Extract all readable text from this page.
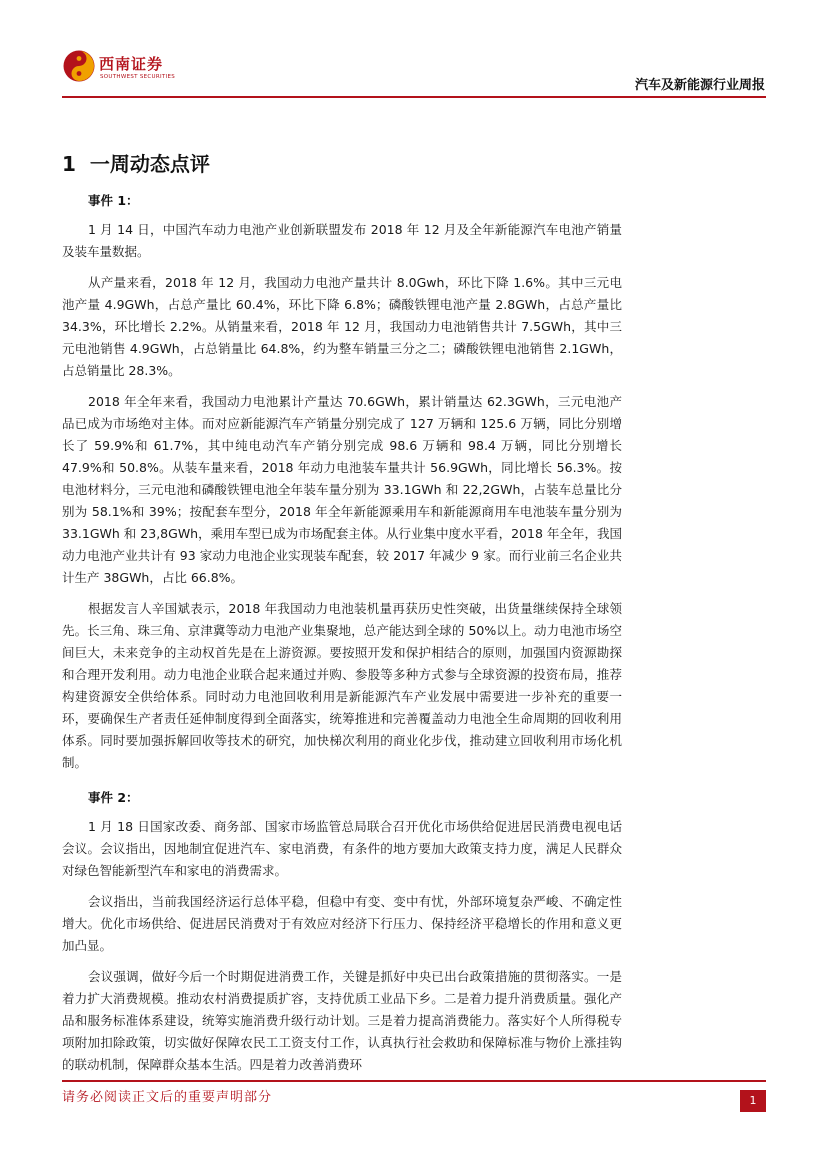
西南证券
SOUTHWEST SECURITIES
汽车及新能源行业周报
1 一周动态点评
事件 1：

1 月 14 日，中国汽车动力电池产业创新联盟发布 2018 年 12 月及全年新能源汽车电池产销量及装车量数据。

从产量来看，2018 年 12 月，我国动力电池产量共计 8.0Gwh，环比下降 1.6%。其中三元电池产量 4.9GWh，占总产量比 60.4%，环比下降 6.8%；磷酸铁锂电池产量 2.8GWh，占总产量比 34.3%，环比增长 2.2%。从销量来看，2018 年 12 月，我国动力电池销售共计 7.5GWh，其中三元电池销售 4.9GWh，占总销量比 64.8%，约为整车销量三分之二；磷酸铁锂电池销售 2.1GWh，占总销量比 28.3%。

2018 年全年来看，我国动力电池累计产量达 70.6GWh，累计销量达 62.3GWh，三元电池产品已成为市场绝对主体。而对应新能源汽车产销量分别完成了 127 万辆和 125.6 万辆，同比分别增长了 59.9%和 61.7%，其中纯电动汽车产销分别完成 98.6 万辆和 98.4 万辆，同比分别增长 47.9%和 50.8%。从装车量来看，2018 年动力电池装车量共计 56.9GWh，同比增长 56.3%。按电池材料分，三元电池和磷酸铁锂电池全年装车量分别为 33.1GWh 和 22,2GWh，占装车总量比分别为 58.1%和 39%；按配套车型分，2018 年全年新能源乘用车和新能源商用车电池装车量分别为 33.1GWh 和 23,8GWh，乘用车型已成为市场配套主体。从行业集中度水平看，2018 年全年，我国动力电池产业共计有 93 家动力电池企业实现装车配套，较 2017 年减少 9 家。而行业前三名企业共计生产 38GWh，占比 66.8%。

根据发言人辛国斌表示，2018 年我国动力电池装机量再获历史性突破，出货量继续保持全球领先。长三角、珠三角、京津冀等动力电池产业集聚地，总产能达到全球的 50%以上。动力电池市场空间巨大，未来竞争的主动权首先是在上游资源。要按照开发和保护相结合的原则，加强国内资源勘探和合理开发利用。动力电池企业联合起来通过并购、参股等多种方式参与全球资源的投资布局，推荐构建资源安全供给体系。同时动力电池回收利用是新能源汽车产业发展中需要进一步补充的重要一环，要确保生产者责任延伸制度得到全面落实，统筹推进和完善覆盖动力电池全生命周期的回收利用体系。同时要加强拆解回收等技术的研究，加快梯次利用的商业化步伐，推动建立回收利用市场化机制。

事件 2：

1 月 18 日国家改委、商务部、国家市场监管总局联合召开优化市场供给促进居民消费电视电话会议。会议指出，因地制宜促进汽车、家电消费，有条件的地方要加大政策支持力度，满足人民群众对绿色智能新型汽车和家电的消费需求。

会议指出，当前我国经济运行总体平稳，但稳中有变、变中有忧，外部环境复杂严峻、不确定性增大。优化市场供给、促进居民消费对于有效应对经济下行压力、保持经济平稳增长的作用和意义更加凸显。

会议强调，做好今后一个时期促进消费工作，关键是抓好中央已出台政策措施的贯彻落实。一是着力扩大消费规模。推动农村消费提质扩容，支持优质工业品下乡。二是着力提升消费质量。强化产品和服务标准体系建设，统筹实施消费升级行动计划。三是着力提高消费能力。落实好个人所得税专项附加扣除政策，切实做好保障农民工工资支付工作，认真执行社会救助和保障标准与物价上涨挂钩的联动机制，保障群众基本生活。四是着力改善消费环

请务必阅读正文后的重要声明部分	1
